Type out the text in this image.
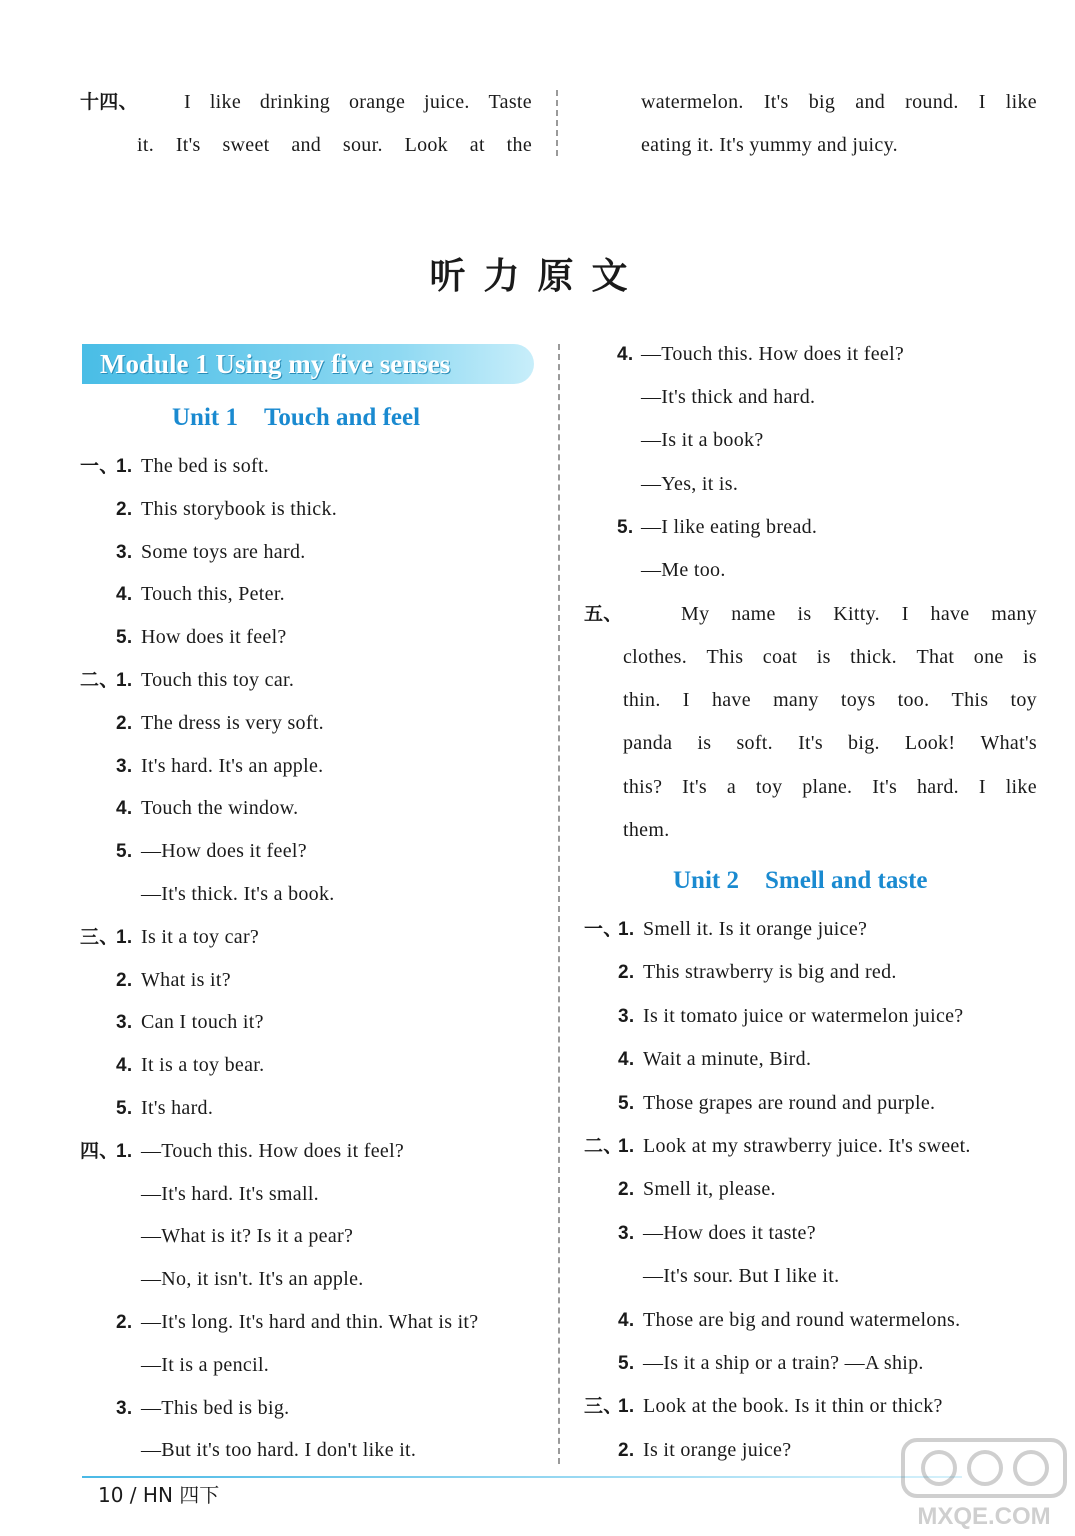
十四、 I like drinking orange juice. Taste
it. It's sweet and sour. Look at the
watermelon. It's big and round. I like
eating it. It's yummy and juicy.
听力原文
Module 1 Using my five senses
Unit 1 Touch and feel
一、
1. The bed is soft.
2. This storybook is thick.
3. Some toys are hard.
4. Touch this, Peter.
5. How does it feel?
二、
1. Touch this toy car.
2. The dress is very soft.
3. It's hard. It's an apple.
4. Touch the window.
5. —How does it feel?
—It's thick. It's a book.
三、
1. Is it a toy car?
2. What is it?
3. Can I touch it?
4. It is a toy bear.
5. It's hard.
四、
1. —Touch this. How does it feel?
—It's hard. It's small.
—What is it? Is it a pear?
—No, it isn't. It's an apple.
2. —It's long. It's hard and thin. What is it?
—It is a pencil.
3. —This bed is big.
—But it's too hard. I don't like it.
4. —Touch this. How does it feel?
—It's thick and hard.
—Is it a book?
—Yes, it is.
5. —I like eating bread.
—Me too.
五、	My name is Kitty. I have many
clothes. This coat is thick. That one is
thin. I have many toys too. This toy
panda is soft. It's big. Look! What's
this? It's a toy plane. It's hard. I like
them.
Unit 2 Smell and taste
一、
1. Smell it. Is it orange juice?
2. This strawberry is big and red.
3. Is it tomato juice or watermelon juice?
4. Wait a minute, Bird.
5. Those grapes are round and purple.
二、
1. Look at my strawberry juice. It's sweet.
2. Smell it, please.
3. —How does it taste?
—It's sour. But I like it.
4. Those are big and round watermelons.
5. —Is it a ship or a train? —A ship.
三、
1. Look at the book. Is it thin or thick?
2. Is it orange juice?
10 / HN 四下
MXQE.COM
